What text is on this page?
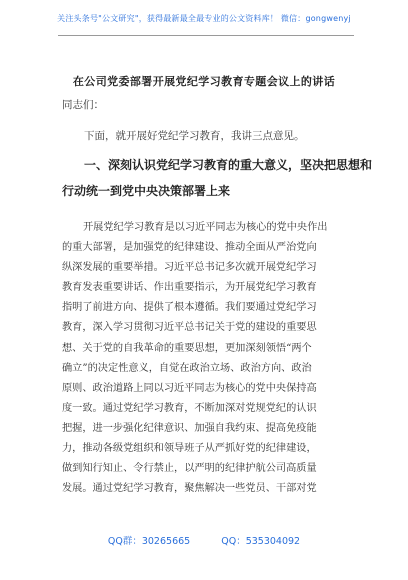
关注头条号"公文研究"，获得最新最全最专业的公文资料库！ 微信：gongwenyj
在公司党委部署开展党纪学习教育专题会议上的讲话
同志们：
下面，就开展好党纪学习教育，我讲三点意见。
一、深刻认识党纪学习教育的重大意义，坚决把思想和
行动统一到党中央决策部署上来
开展党纪学习教育是以习近平同志为核心的党中央作出
的重大部署，是加强党的纪律建设、推动全面从严治党向
纵深发展的重要举措。习近平总书记多次就开展党纪学习
教育发表重要讲话、作出重要指示，为开展党纪学习教育
指明了前进方向、提供了根本遵循。我们要通过党纪学习
教育，深入学习贯彻习近平总书记关于党的建设的重要思
想、关于党的自我革命的重要思想，更加深刻领悟“两个
确立”的决定性意义，自觉在政治立场、政治方向、政治
原则、政治道路上同以习近平同志为核心的党中央保持高
度一致。通过党纪学习教育，不断加深对党规党纪的认识
把握，进一步强化纪律意识、加强自我约束、提高免疫能
力，推动各级党组织和领导班子从严抓好党的纪律建设，
做到知行知止、令行禁止，以严明的纪律护航公司高质量
发展。通过党纪学习教育，聚焦解决一些党员、干部对党
QQ群：30265665	QQ：535304092
